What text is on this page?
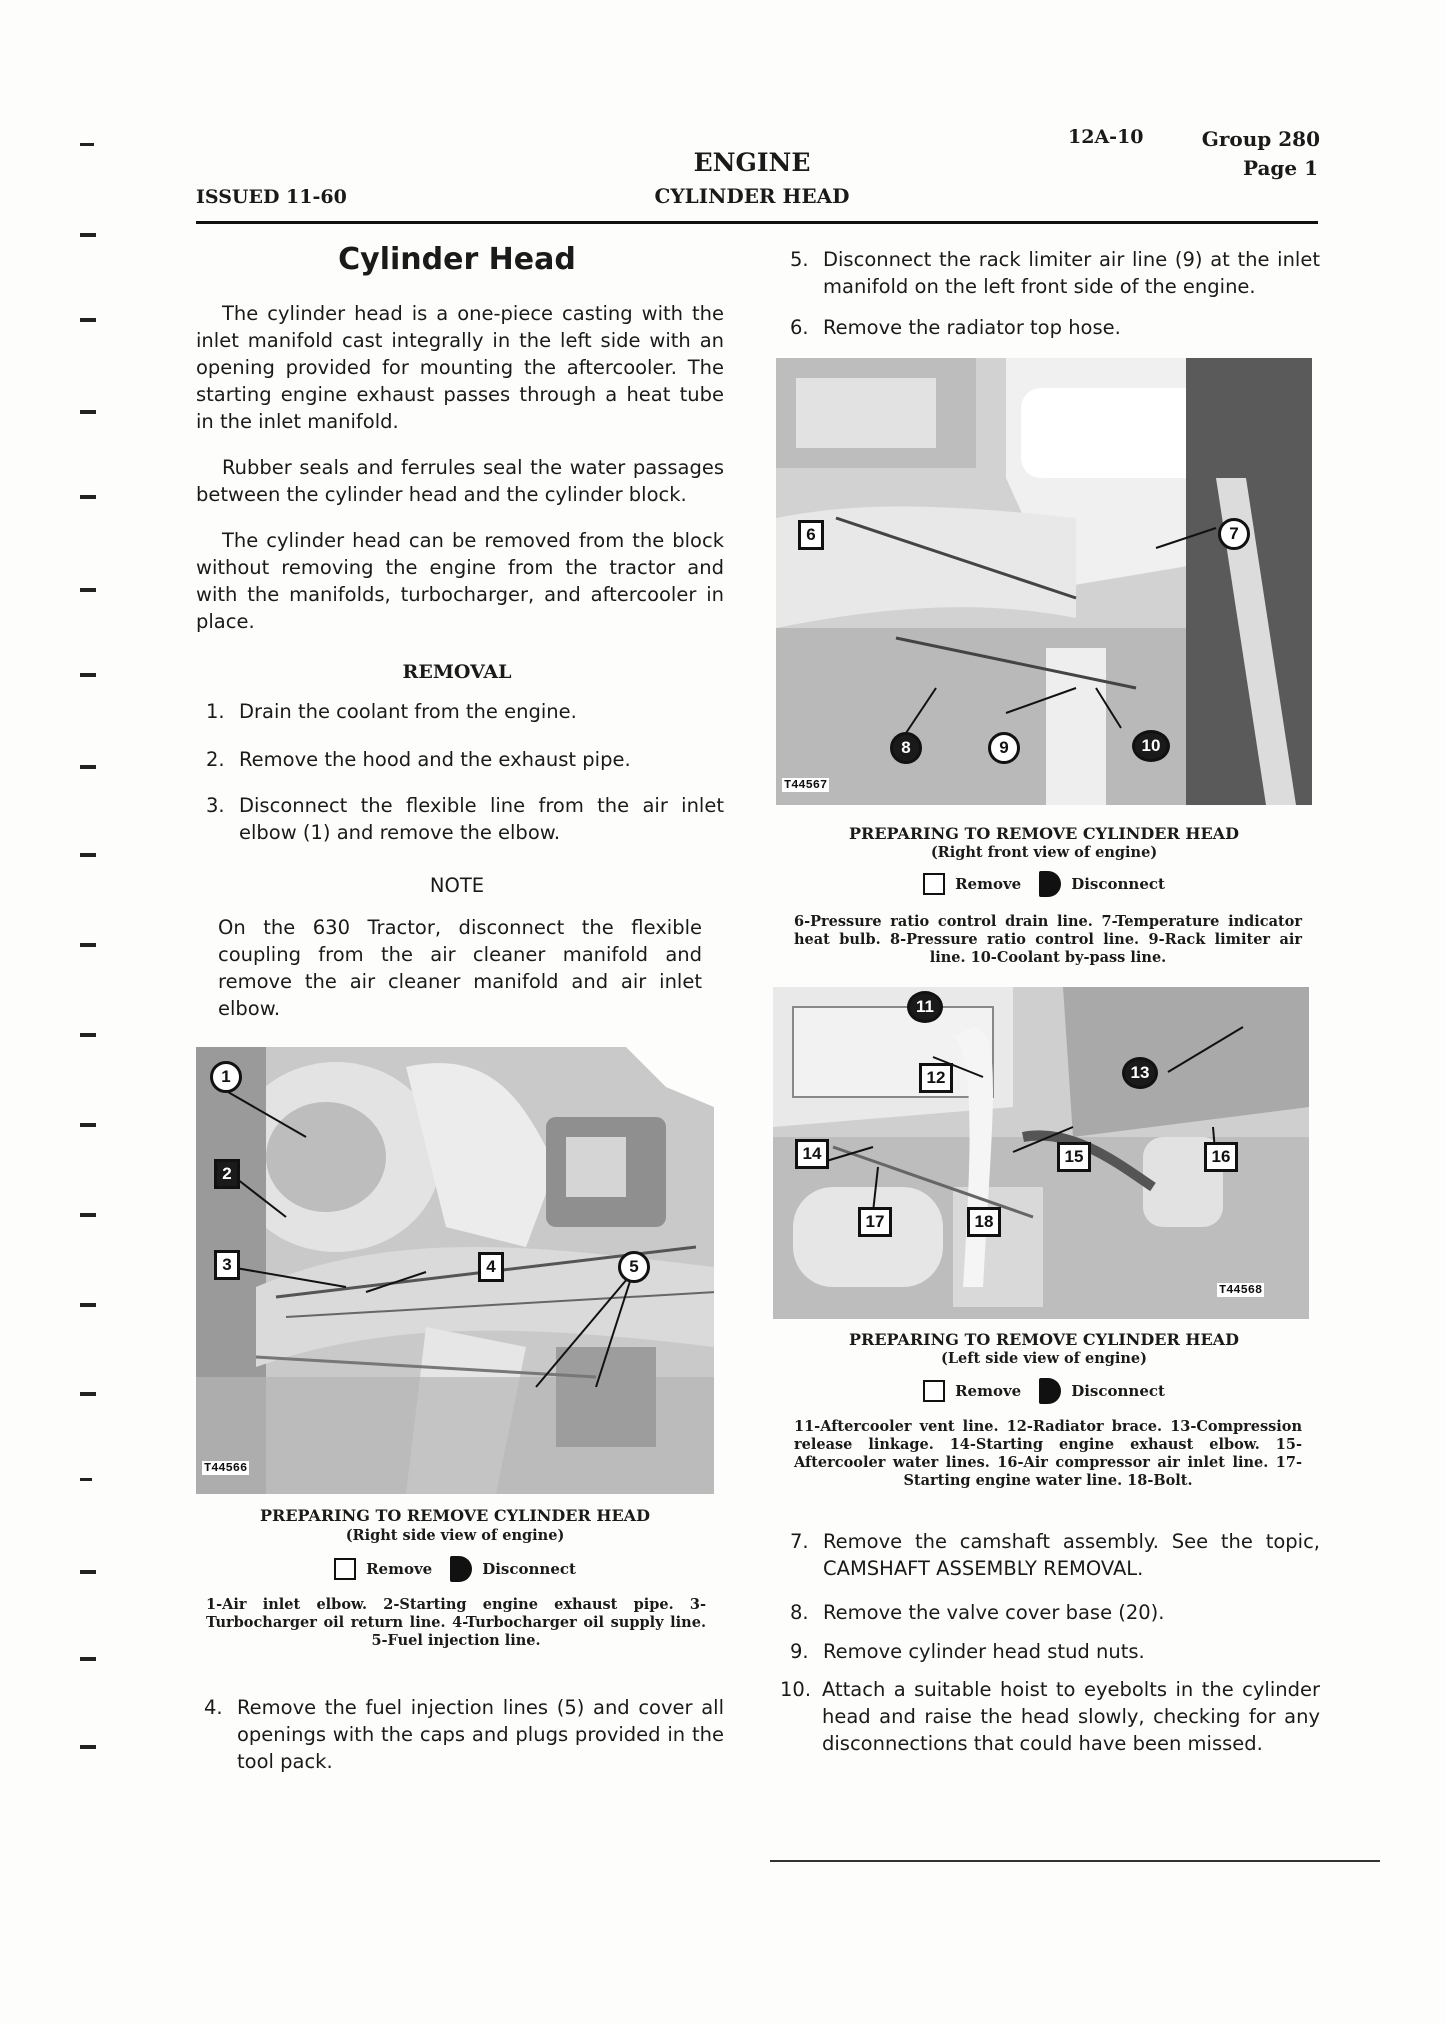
ISSUED 11-60
ENGINE
CYLINDER HEAD
12A-10	Group 280
Page 1
Cylinder Head
The cylinder head is a one-piece casting with the inlet manifold cast integrally in the left side with an opening provided for mounting the aftercooler. The starting engine exhaust passes through a heat tube in the inlet manifold.
Rubber seals and ferrules seal the water passages between the cylinder head and the cylinder block.
The cylinder head can be removed from the block without removing the engine from the tractor and with the manifolds, turbocharger, and aftercooler in place.
REMOVAL
1. Drain the coolant from the engine.
2. Remove the hood and the exhaust pipe.
3. Disconnect the flexible line from the air inlet elbow (1) and remove the elbow.
NOTE
On the 630 Tractor, disconnect the flexible coupling from the air cleaner manifold and remove the air cleaner manifold and air inlet elbow.
1
2
3	4	5
T44566
PREPARING TO REMOVE CYLINDER HEAD
(Right side view of engine)
Remove	Disconnect
1-Air inlet elbow. 2-Starting engine exhaust pipe. 3-Turbocharger oil return line. 4-Turbocharger oil supply line. 5-Fuel injection line.
4. Remove the fuel injection lines (5) and cover all openings with the caps and plugs provided in the tool pack.
5. Disconnect the rack limiter air line (9) at the inlet manifold on the left front side of the engine.
6. Remove the radiator top hose.
6	7
8	9	10
T44567
PREPARING TO REMOVE CYLINDER HEAD
(Right front view of engine)
Remove	Disconnect
6-Pressure ratio control drain line. 7-Temperature indicator heat bulb. 8-Pressure ratio control line. 9-Rack limiter air line. 10-Coolant by-pass line.
11
12	13
14	15	16
17	18
T44568
PREPARING TO REMOVE CYLINDER HEAD
(Left side view of engine)
Remove	Disconnect
11-Aftercooler vent line. 12-Radiator brace. 13-Compression release linkage. 14-Starting engine exhaust elbow. 15-Aftercooler water lines. 16-Air compressor air inlet line. 17-Starting engine water line. 18-Bolt.
7. Remove the camshaft assembly. See the topic, CAMSHAFT ASSEMBLY REMOVAL.
8. Remove the valve cover base (20).
9. Remove cylinder head stud nuts.
10. Attach a suitable hoist to eyebolts in the cylinder head and raise the head slowly, checking for any disconnections that could have been missed.
